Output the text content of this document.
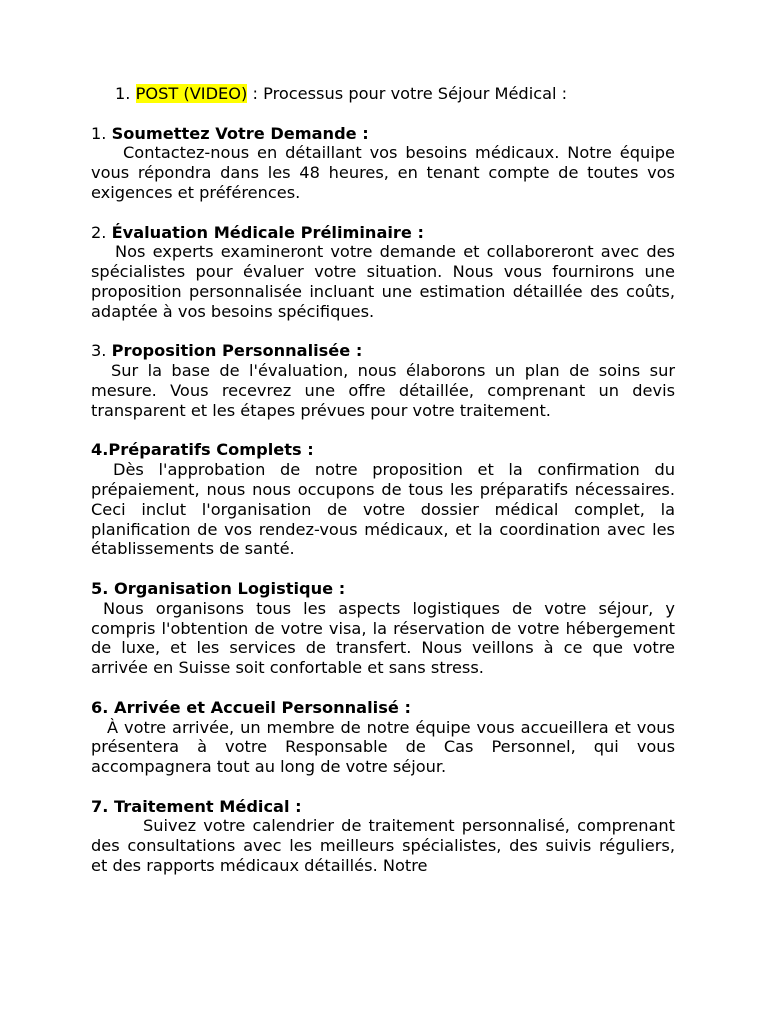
1. POST (VIDEO) : Processus pour votre Séjour Médical :
1. Soumettez Votre Demande :
Contactez-nous en détaillant vos besoins médicaux. Notre équipe vous répondra dans les 48 heures, en tenant compte de toutes vos exigences et préférences.
2. Évaluation Médicale Préliminaire :
Nos experts examineront votre demande et collaboreront avec des spécialistes pour évaluer votre situation. Nous vous fournirons une proposition personnalisée incluant une estimation détaillée des coûts, adaptée à vos besoins spécifiques.
3. Proposition Personnalisée :
Sur la base de l'évaluation, nous élaborons un plan de soins sur mesure. Vous recevrez une offre détaillée, comprenant un devis transparent et les étapes prévues pour votre traitement.
4.Préparatifs Complets :
Dès l'approbation de notre proposition et la confirmation du prépaiement, nous nous occupons de tous les préparatifs nécessaires. Ceci inclut l'organisation de votre dossier médical complet, la planification de vos rendez-vous médicaux, et la coordination avec les établissements de santé.
5. Organisation Logistique :
Nous organisons tous les aspects logistiques de votre séjour, y compris l'obtention de votre visa, la réservation de votre hébergement de luxe, et les services de transfert. Nous veillons à ce que votre arrivée en Suisse soit confortable et sans stress.
6. Arrivée et Accueil Personnalisé :
À votre arrivée, un membre de notre équipe vous accueillera et vous présentera à votre Responsable de Cas Personnel, qui vous accompagnera tout au long de votre séjour.
7. Traitement Médical :
Suivez votre calendrier de traitement personnalisé, comprenant des consultations avec les meilleurs spécialistes, des suivis réguliers, et des rapports médicaux détaillés. Notre
